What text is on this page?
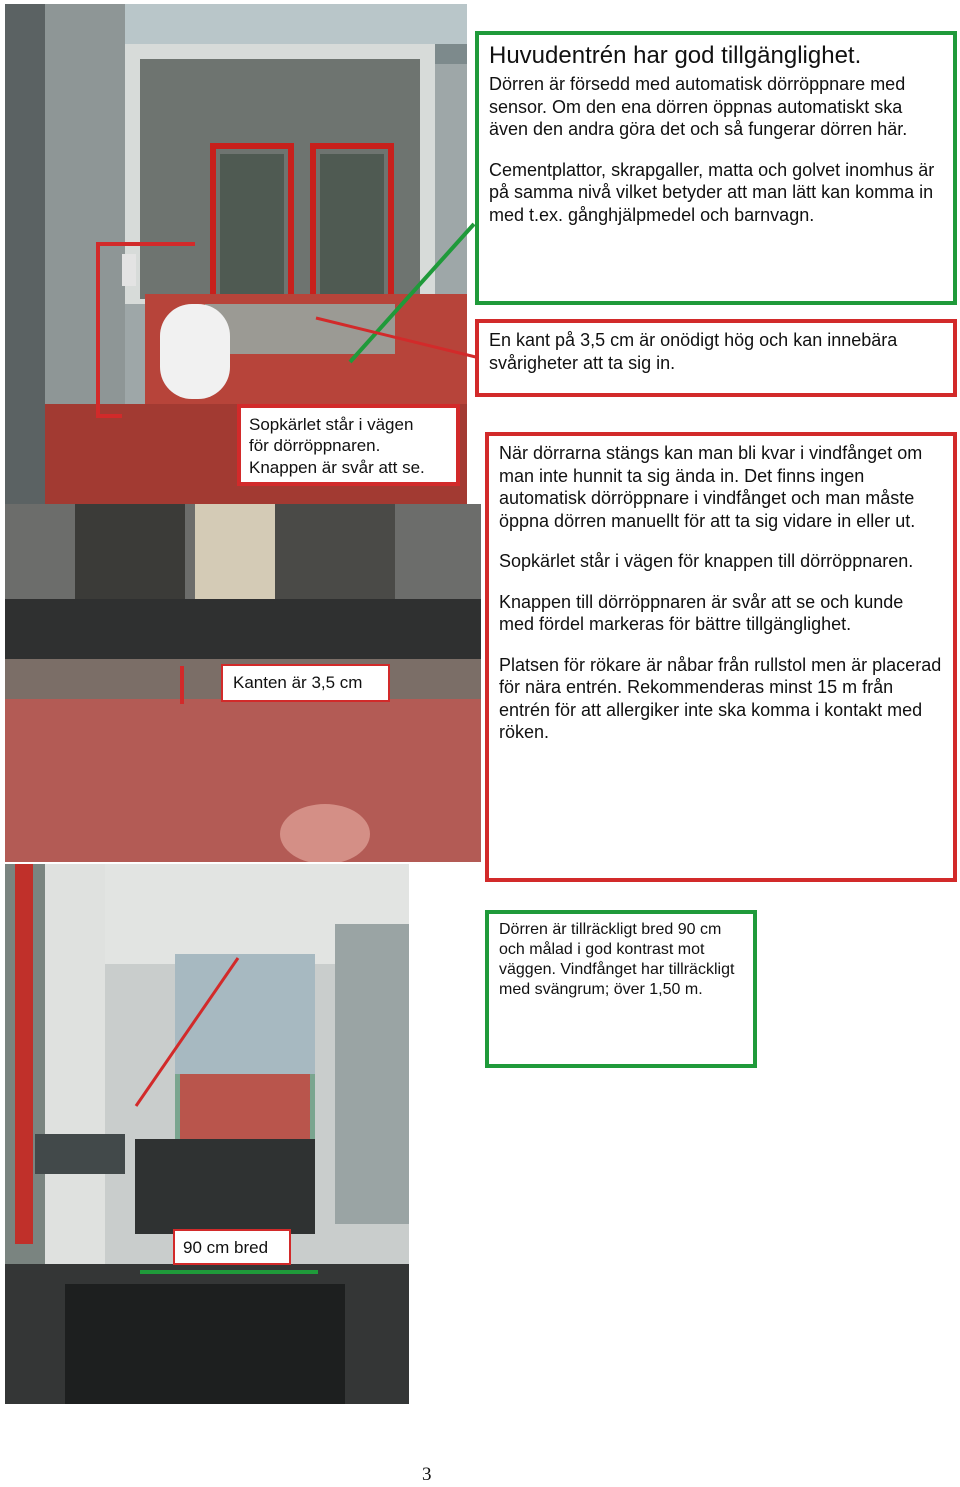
Huvudentrén har god tillgänglighet.

Dörren är försedd med automatisk dörröppnare med sensor. Om den ena dörren öppnas automatiskt ska även den andra göra det och så fungerar dörren här.

Cementplattor, skrapgaller, matta och golvet inomhus är på samma nivå vilket betyder att man lätt kan komma in med t.ex. gånghjälpmedel och barnvagn.

En kant på 3,5 cm är onödigt hög och kan innebära svårigheter att ta sig in.

Sopkärlet står i vägen

för dörröppnaren.

Knappen är svår att se.

När dörrarna stängs kan man bli kvar i vindfånget om man inte hunnit ta sig ända in. Det finns ingen automatisk dörröppnare i vindfånget och man måste öppna dörren manuellt för att ta sig vidare in eller ut.

Sopkärlet står i vägen för knappen till dörröppnaren.

Knappen till dörröppnaren är svår att se och kunde med fördel markeras för bättre tillgänglighet.

Platsen för rökare är nåbar från rullstol men är placerad för nära entrén. Rekommenderas minst 15 m från entrén för att allergiker inte ska komma i kontakt med röken.

Kanten är 3,5 cm

Dörren är tillräckligt bred 90 cm och målad i god kontrast mot väggen. Vindfånget har tillräckligt med svängrum; över 1,50 m.

90 cm bred

3
